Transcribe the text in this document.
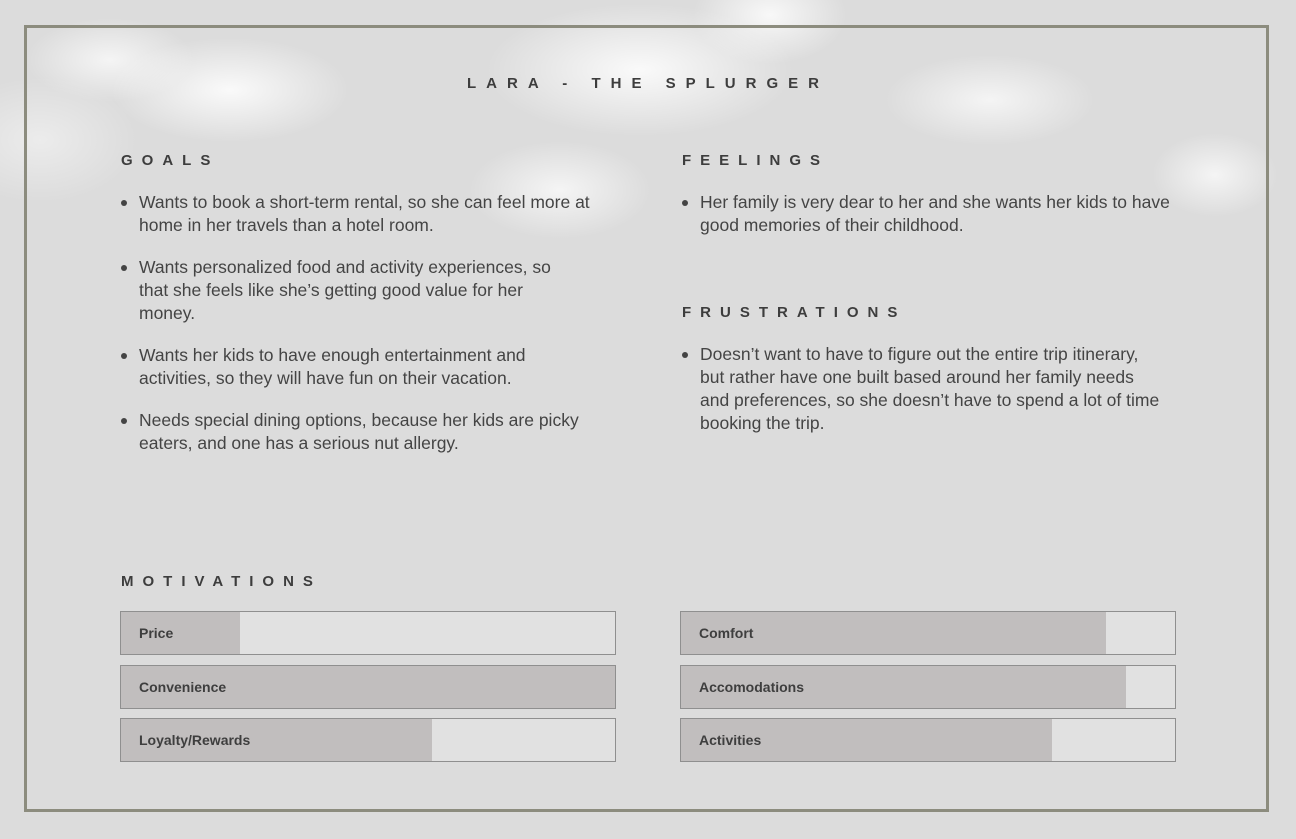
LARA - THE SPLURGER
GOALS
Wants to book a short-term rental, so she can feel more at home in her travels than a hotel room.
Wants personalized food and activity experiences, so that she feels like she’s getting good value for her money.
Wants her kids to have enough entertainment and activities, so they will have fun on their vacation.
Needs special dining options, because her kids are picky eaters, and one has a serious nut allergy.
FEELINGS
Her family is very dear to her and she wants her kids to have good memories of their childhood.
FRUSTRATIONS
Doesn’t want to have to figure out the entire trip itinerary, but rather have one built based around her family needs and preferences, so she doesn’t have to spend a lot of time booking the trip.
MOTIVATIONS
Price	Comfort
Convenience	Accomodations
Loyalty/Rewards	Activities
